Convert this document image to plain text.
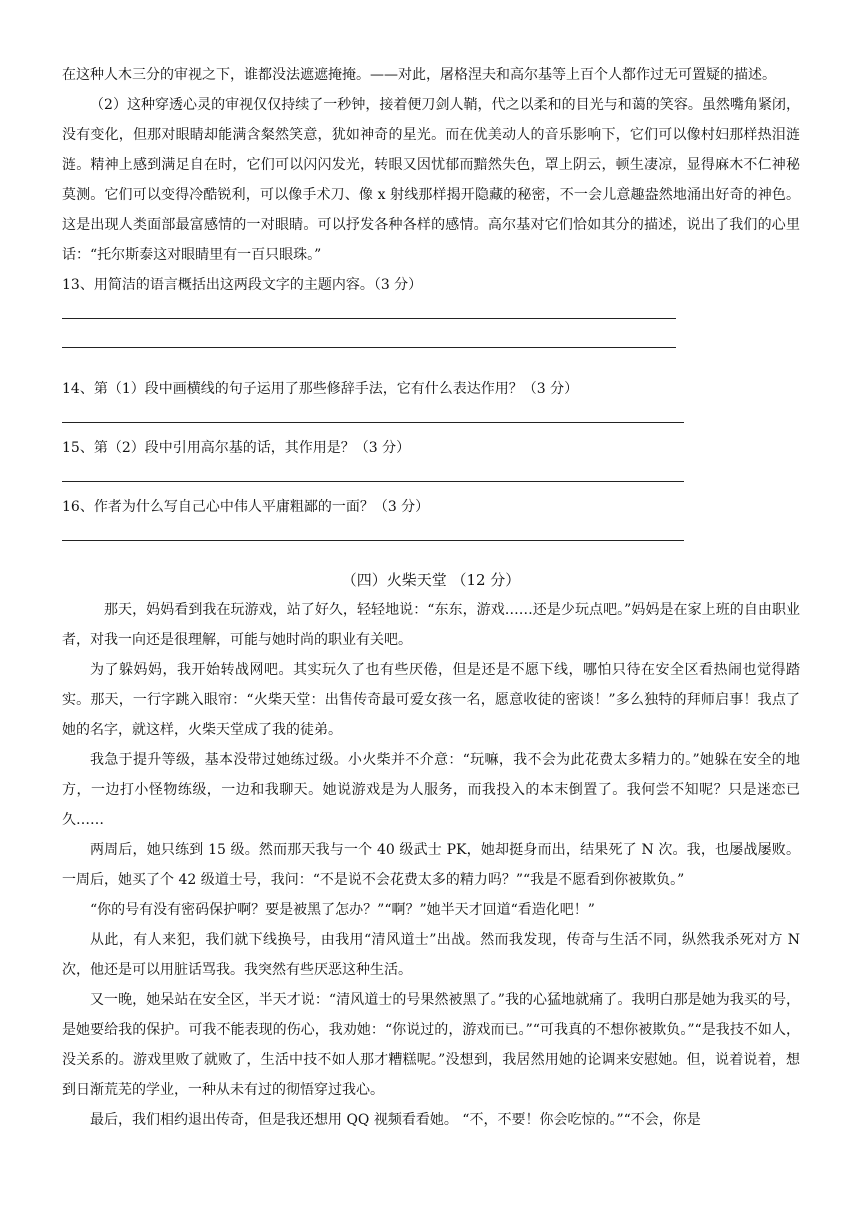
在这种人木三分的审视之下，谁都没法遮遮掩掩。——对此，屠格涅夫和高尔基等上百个人都作过无可置疑的描述。

（2）这种穿透心灵的审视仅仅持续了一秒钟，接着便刀剑人鞘，代之以柔和的目光与和蔼的笑容。虽然嘴角紧闭，没有变化，但那对眼睛却能满含粲然笑意，犹如神奇的星光。而在优美动人的音乐影响下，它们可以像村妇那样热泪涟涟。精神上感到满足自在时，它们可以闪闪发光，转眼又因忧郁而黯然失色，罩上阴云，顿生凄凉，显得麻木不仁神秘莫测。它们可以变得冷酷锐利，可以像手术刀、像 x 射线那样揭开隐藏的秘密，不一会儿意趣盎然地涌出好奇的神色。这是出现人类面部最富感情的一对眼睛。可以抒发各种各样的感情。高尔基对它们恰如其分的描述，说出了我们的心里话：“托尔斯泰这对眼睛里有一百只眼珠。”

13、用简洁的语言概括出这两段文字的主题内容。（3 分）

14、第（1）段中画横线的句子运用了那些修辞手法，它有什么表达作用？（3 分）

15、第（2）段中引用高尔基的话，其作用是？（3 分）

16、作者为什么写自己心中伟人平庸粗鄙的一面？（3 分）

（四）火柴天堂 （12 分）

那天，妈妈看到我在玩游戏，站了好久，轻轻地说：“东东，游戏……还是少玩点吧。”妈妈是在家上班的自由职业者，对我一向还是很理解，可能与她时尚的职业有关吧。

为了躲妈妈，我开始转战网吧。其实玩久了也有些厌倦，但是还是不愿下线，哪怕只待在安全区看热闹也觉得踏实。那天，一行字跳入眼帘：“火柴天堂：出售传奇最可爱女孩一名，愿意收徒的密谈！”多么独特的拜师启事！我点了她的名字，就这样，火柴天堂成了我的徒弟。

我急于提升等级，基本没带过她练过级。小火柴并不介意：“玩嘛，我不会为此花费太多精力的。”她躲在安全的地方，一边打小怪物练级，一边和我聊天。她说游戏是为人服务，而我投入的本末倒置了。我何尝不知呢？只是迷恋已久……

两周后，她只练到 15 级。然而那天我与一个 40 级武士 PK，她却挺身而出，结果死了 N 次。我，也屡战屡败。一周后，她买了个 42 级道士号，我问：“不是说不会花费太多的精力吗？”“我是不愿看到你被欺负。”

“你的号有没有密码保护啊？要是被黑了怎办？”“啊？”她半天才回道“看造化吧！”

从此，有人来犯，我们就下线换号，由我用“清风道士”出战。然而我发现，传奇与生活不同，纵然我杀死对方 N 次，他还是可以用脏话骂我。我突然有些厌恶这种生活。

又一晚，她呆站在安全区，半天才说：“清风道士的号果然被黑了。”我的心猛地就痛了。我明白那是她为我买的号，是她要给我的保护。可我不能表现的伤心，我劝她：“你说过的，游戏而已。”“可我真的不想你被欺负。”“是我技不如人，没关系的。游戏里败了就败了，生活中技不如人那才糟糕呢。”没想到，我居然用她的论调来安慰她。但，说着说着，想到日渐荒芜的学业，一种从未有过的彻悟穿过我心。

最后，我们相约退出传奇，但是我还想用 QQ 视频看看她。 “不，不要！你会吃惊的。”“不会，你是
